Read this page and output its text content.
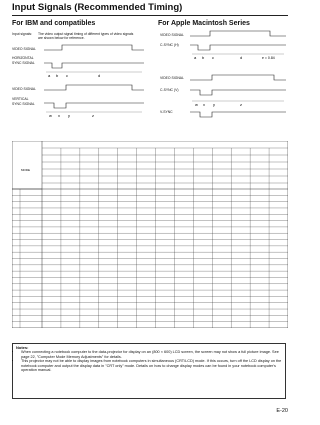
Input Signals (Recommended Timing)
For IBM and compatibles
Input signals: The video output signal timing of different types of video signals are shown below for reference.
VIDEO SIGNAL
HORIZONTAL
SYNC SIGNAL
a b c	d
VIDEO SIGNAL
VERTICAL
SYNC SIGNAL
w x y	z
For Apple Macintosh Series
VIDEO SIGNAL
C-SYNC (H)
a b c	d	e = 0.84
VIDEO SIGNAL
C-SYNC (V)
V-SYNC
w x y	z
MODE
Notes:
• When connecting a notebook computer to the data-projector for display on an (800 × 600) LCD screen, the screen may not show a full picture image. See page 22, "Computer Mode Memory Adjustments" for details.
• This projector may not be able to display images from notebook computers in simultaneous (CRT/LCD) mode. If this occurs, turn off the LCD display on the notebook computer and output the display data in "CRT only" mode. Details on how to change display modes can be found in your notebook computer's operation manual.
E-20
